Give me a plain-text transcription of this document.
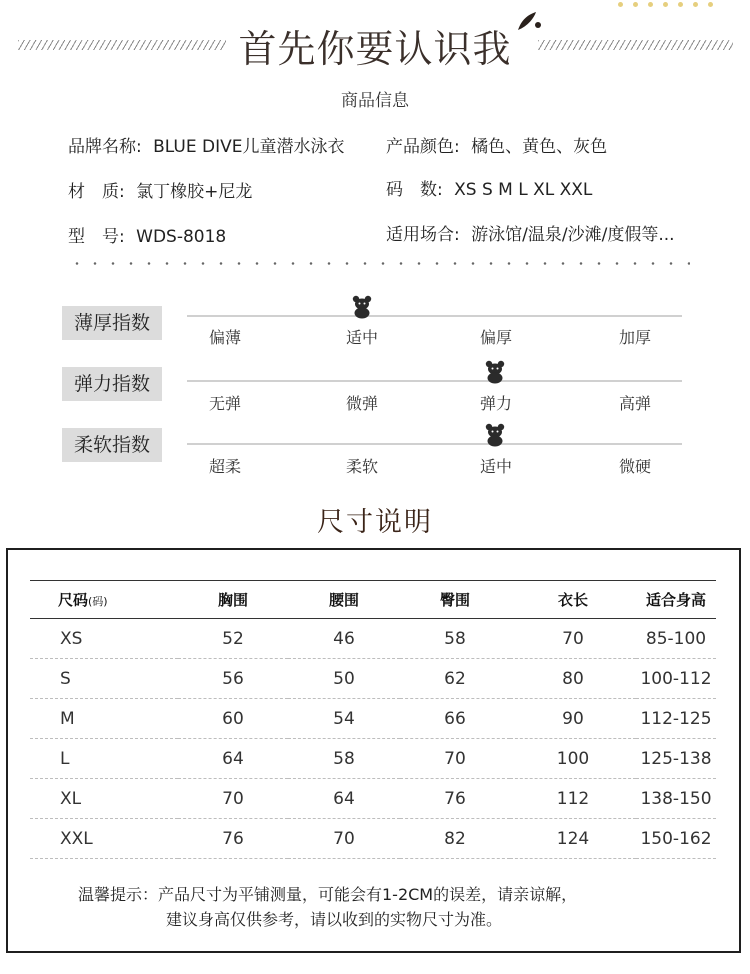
首先你要认识我
商品信息
品牌名称: BLUE DIVE儿童潜水泳衣 产品颜色: 橘色、黄色、灰色
材　质: 氯丁橡胶+尼龙	码　数: XS S M L XL XXL
型　号: WDS-8018	适用场合: 游泳馆/温泉/沙滩/度假等...
薄厚指数
偏薄	适中	偏厚	加厚
弹力指数
无弹	微弹	弹力	高弹
柔软指数
超柔	柔软	适中	微硬
尺寸说明
尺码(码)	胸围	腰围	臀围	衣长	适合身高
XS	52	46	58	70	85-100
S	56	50	62	80	100-112
M	60	54	66	90	112-125
L	64	58	70	100	125-138
XL	70	64	76	112	138-150
XXL	76	70	82	124	150-162
温馨提示：产品尺寸为平铺测量，可能会有1-2CM的误差，请亲谅解，
建议身高仅供参考，请以收到的实物尺寸为准。
